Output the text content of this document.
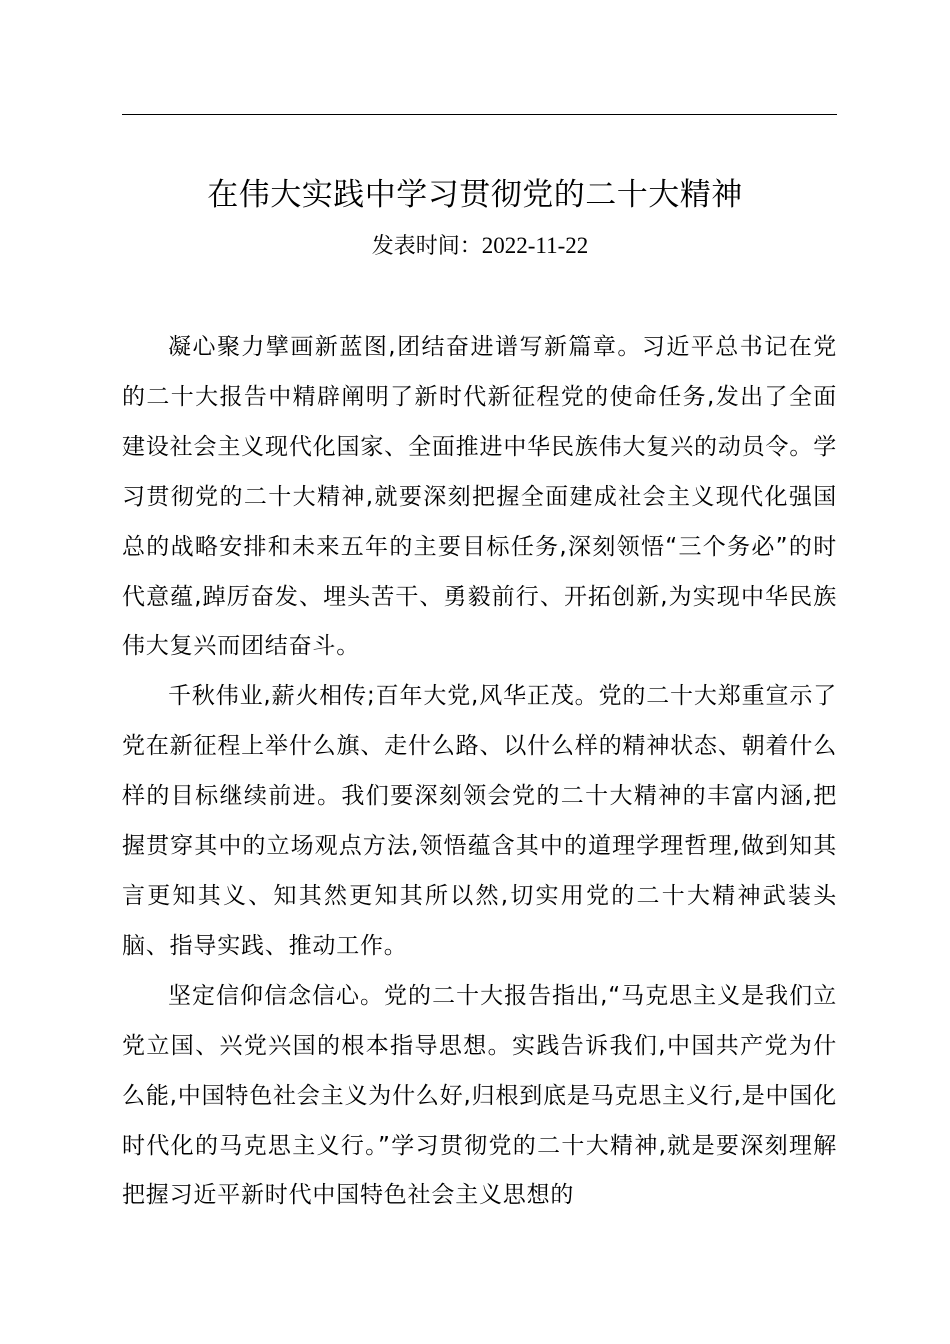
在伟大实践中学习贯彻党的二十大精神
发表时间：2022-11-22

凝心聚力擘画新蓝图,团结奋进谱写新篇章。习近平总书记在党的二十大报告中精辟阐明了新时代新征程党的使命任务,发出了全面建设社会主义现代化国家、全面推进中华民族伟大复兴的动员令。学习贯彻党的二十大精神,就要深刻把握全面建成社会主义现代化强国总的战略安排和未来五年的主要目标任务,深刻领悟“三个务必”的时代意蕴,踔厉奋发、埋头苦干、勇毅前行、开拓创新,为实现中华民族伟大复兴而团结奋斗。

千秋伟业,薪火相传;百年大党,风华正茂。党的二十大郑重宣示了党在新征程上举什么旗、走什么路、以什么样的精神状态、朝着什么样的目标继续前进。我们要深刻领会党的二十大精神的丰富内涵,把握贯穿其中的立场观点方法,领悟蕴含其中的道理学理哲理,做到知其言更知其义、知其然更知其所以然,切实用党的二十大精神武装头脑、指导实践、推动工作。

坚定信仰信念信心。党的二十大报告指出,“马克思主义是我们立党立国、兴党兴国的根本指导思想。实践告诉我们,中国共产党为什么能,中国特色社会主义为什么好,归根到底是马克思主义行,是中国化时代化的马克思主义行。”学习贯彻党的二十大精神,就是要深刻理解把握习近平新时代中国特色社会主义思想的
